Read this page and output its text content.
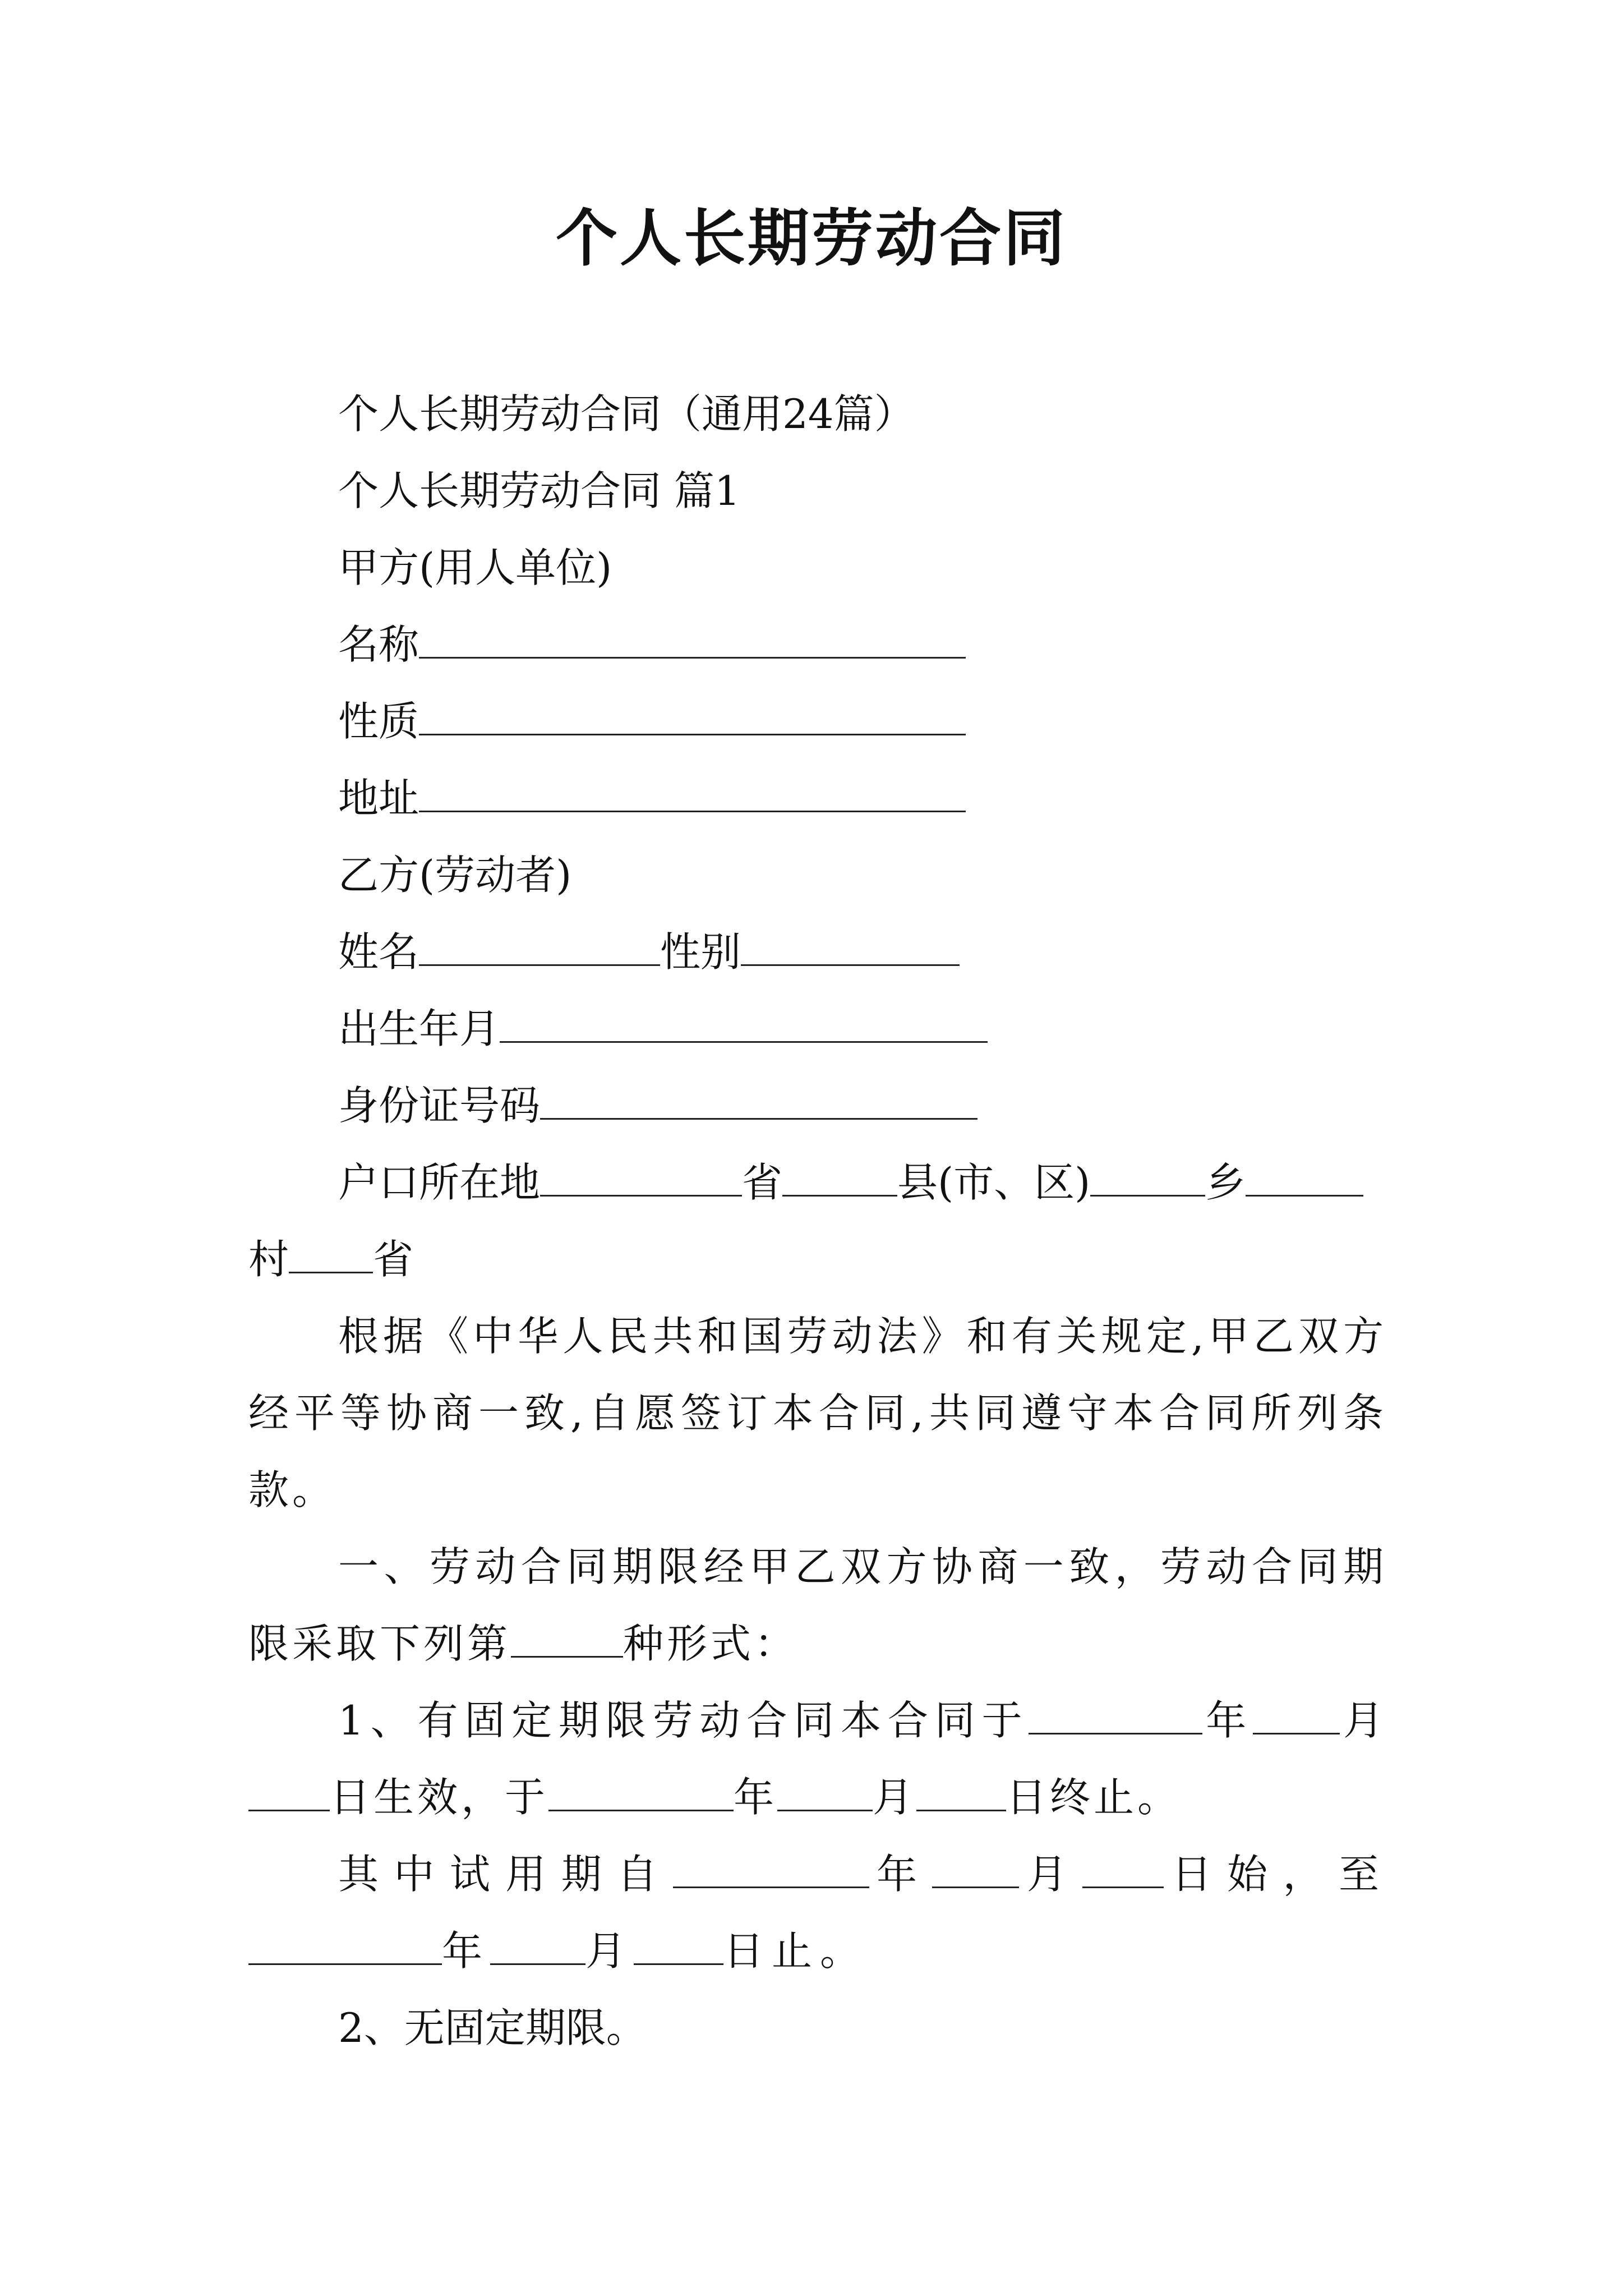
个人长期劳动合同
个人长期劳动合同（通用24篇）
个人长期劳动合同 篇1
甲方(用人单位)
名称
性质
地址
乙方(劳动者)
姓名	性别
出生年月
身份证号码
户口所在地	省	县(市、区)	乡
村 省
根据《中华人民共和国劳动法》和有关规定,甲乙双方经平等协商一致,自愿签订本合同,共同遵守本合同所列条款。
一、劳动合同期限经甲乙双方协商一致，劳动合同期限采取下列第	种形式：
1、有固定期限劳动合同本合同于	年 月日生效，于	年 月 日终止。
其中试用期自	年 月 日始，至年 月 日止。
2、无固定期限。
